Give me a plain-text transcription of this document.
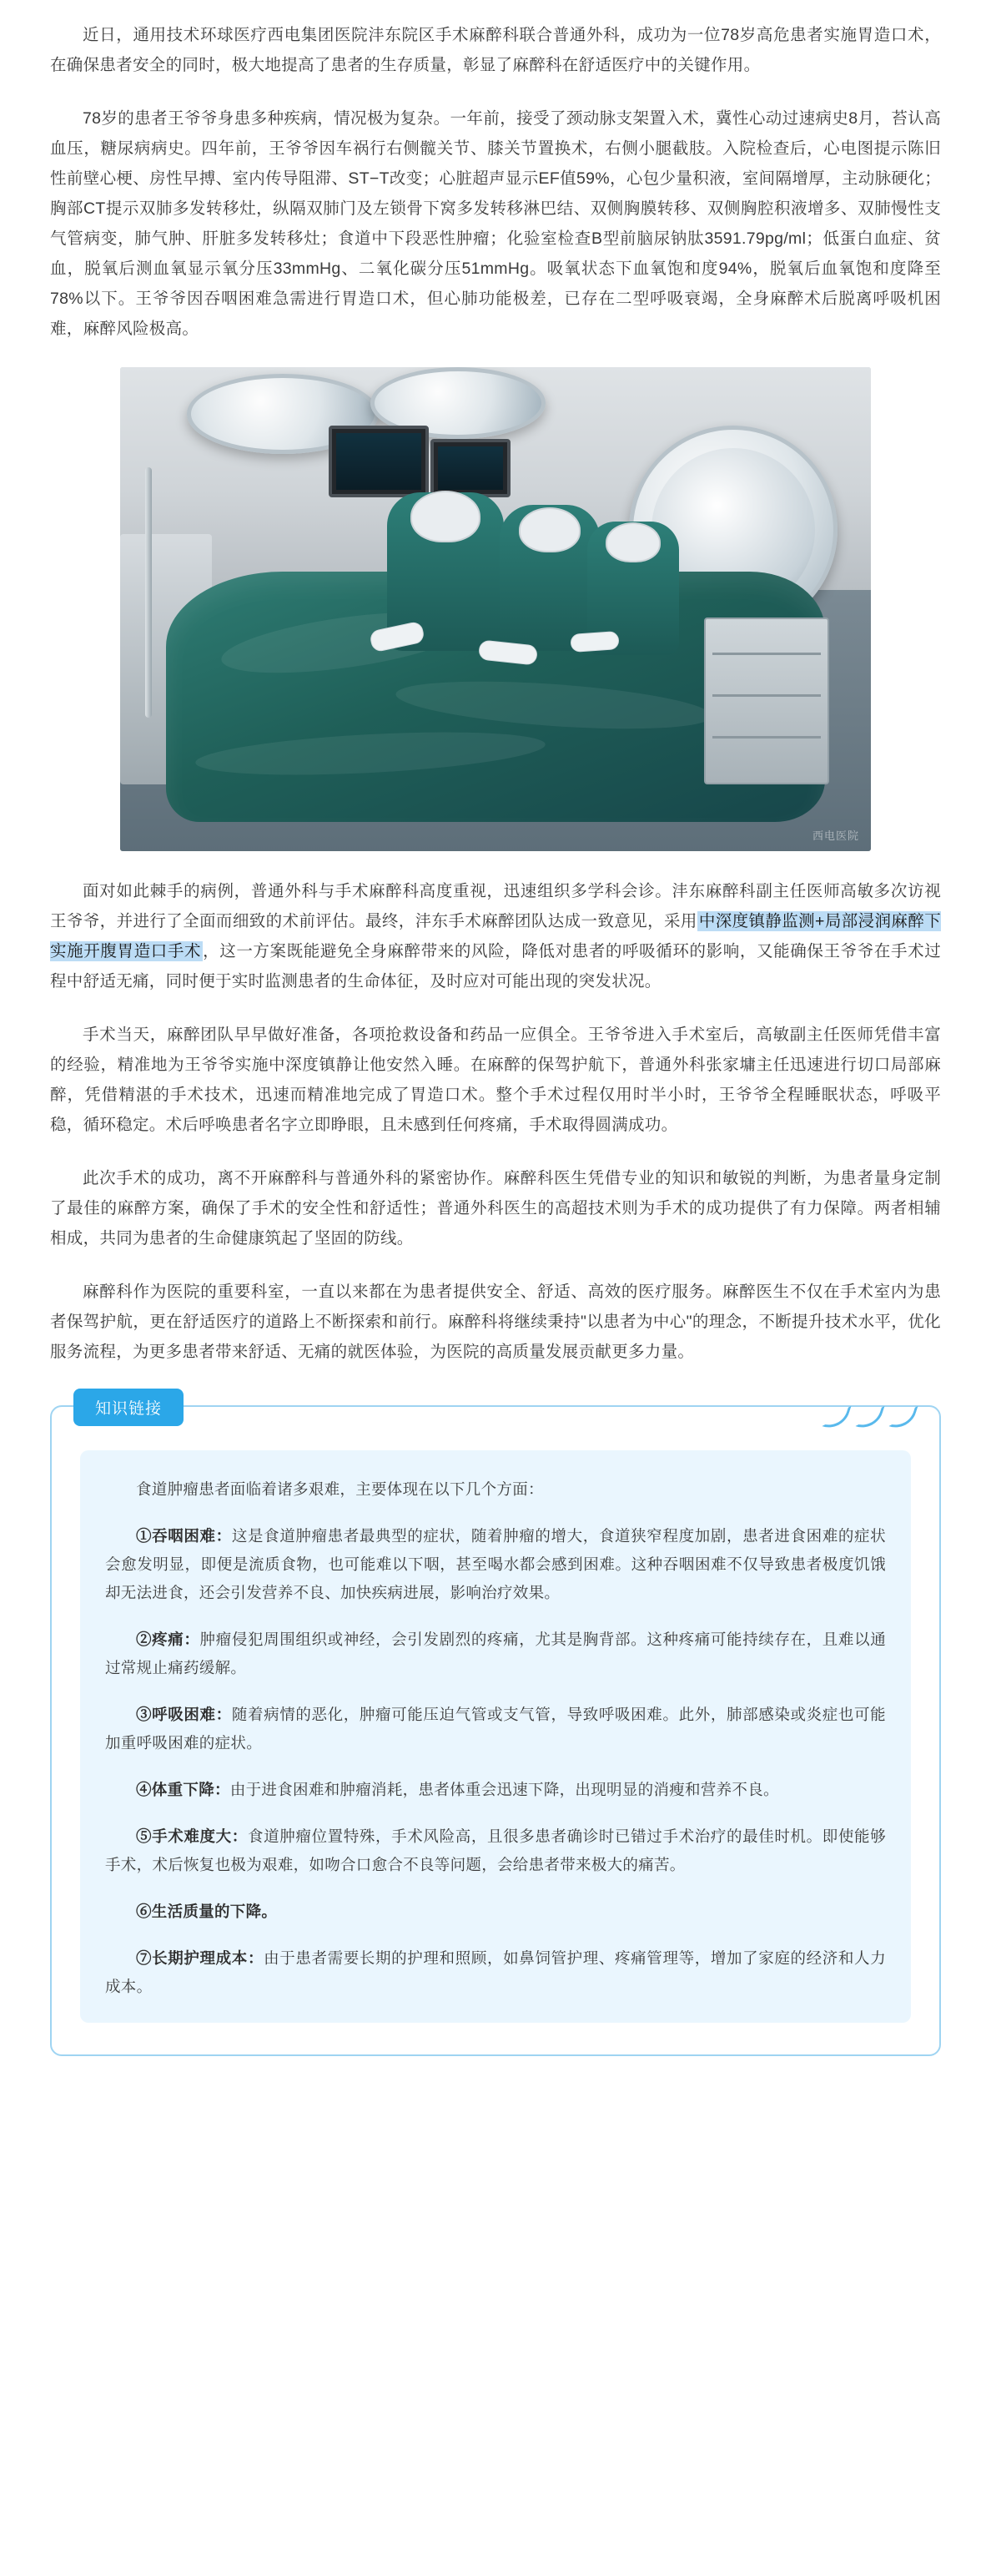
近日，通用技术环球医疗西电集团医院沣东院区手术麻醉科联合普通外科，成功为一位78岁高危患者实施胃造口术，在确保患者安全的同时，极大地提高了患者的生存质量，彰显了麻醉科在舒适医疗中的关键作用。

78岁的患者王爷爷身患多种疾病，情况极为复杂。一年前，接受了颈动脉支架置入术，冀性心动过速病史8月，苔认高血压，糖尿病病史。四年前，王爷爷因车祸行右侧髋关节、膝关节置换术，右侧小腿截肢。入院检查后，心电图提示陈旧性前壁心梗、房性早搏、室内传导阻滞、ST−T改变；心脏超声显示EF值59%，心包少量积液，室间隔增厚，主动脉硬化；胸部CT提示双肺多发转移灶，纵隔双肺门及左锁骨下窝多发转移淋巴结、双侧胸膜转移、双侧胸腔积液增多、双肺慢性支气管病变，肺气肿、肝脏多发转移灶；食道中下段恶性肿瘤；化验室检查B型前脑尿钠肽3591.79pg/ml；低蛋白血症、贫血，脱氧后测血氧显示氧分压33mmHg、二氧化碳分压51mmHg。吸氧状态下血氧饱和度94%，脱氧后血氧饱和度降至78%以下。王爷爷因吞咽困难急需进行胃造口术，但心肺功能极差，已存在二型呼吸衰竭，全身麻醉术后脱离呼吸机困难，麻醉风险极高。

西电医院

面对如此棘手的病例，普通外科与手术麻醉科高度重视，迅速组织多学科会诊。沣东麻醉科副主任医师高敏多次访视王爷爷，并进行了全面而细致的术前评估。最终，沣东手术麻醉团队达成一致意见，采用 中深度镇静监测+局部浸润麻醉下实施开腹胃造口手术 ，这一方案既能避免全身麻醉带来的风险，降低对患者的呼吸循环的影响，又能确保王爷爷在手术过程中舒适无痛，同时便于实时监测患者的生命体征，及时应对可能出现的突发状况。

手术当天，麻醉团队早早做好准备，各项抢救设备和药品一应俱全。王爷爷进入手术室后，高敏副主任医师凭借丰富的经验，精准地为王爷爷实施中深度镇静让他安然入睡。在麻醉的保驾护航下，普通外科张家墉主任迅速进行切口局部麻醉，凭借精湛的手术技术，迅速而精准地完成了胃造口术。整个手术过程仅用时半小时，王爷爷全程睡眠状态，呼吸平稳，循环稳定。术后呼唤患者名字立即睁眼，且未感到任何疼痛，手术取得圆满成功。

此次手术的成功，离不开麻醉科与普通外科的紧密协作。麻醉科医生凭借专业的知识和敏锐的判断，为患者量身定制了最佳的麻醉方案，确保了手术的安全性和舒适性；普通外科医生的高超技术则为手术的成功提供了有力保障。两者相辅相成，共同为患者的生命健康筑起了坚固的防线。

麻醉科作为医院的重要科室，一直以来都在为患者提供安全、舒适、高效的医疗服务。麻醉医生不仅在手术室内为患者保驾护航，更在舒适医疗的道路上不断探索和前行。麻醉科将继续秉持"以患者为中心"的理念，不断提升技术水平，优化服务流程，为更多患者带来舒适、无痛的就医体验，为医院的高质量发展贡献更多力量。

知识链接

食道肿瘤患者面临着诸多艰难，主要体现在以下几个方面：

①吞咽困难：这是食道肿瘤患者最典型的症状，随着肿瘤的增大，食道狭窄程度加剧，患者进食困难的症状会愈发明显，即便是流质食物，也可能难以下咽，甚至喝水都会感到困难。这种吞咽困难不仅导致患者极度饥饿却无法进食，还会引发营养不良、加快疾病进展，影响治疗效果。

②疼痛：肿瘤侵犯周围组织或神经，会引发剧烈的疼痛，尤其是胸背部。这种疼痛可能持续存在，且难以通过常规止痛药缓解。

③呼吸困难：随着病情的恶化，肿瘤可能压迫气管或支气管，导致呼吸困难。此外，肺部感染或炎症也可能加重呼吸困难的症状。

④体重下降：由于进食困难和肿瘤消耗，患者体重会迅速下降，出现明显的消瘦和营养不良。

⑤手术难度大：食道肿瘤位置特殊，手术风险高，且很多患者确诊时已错过手术治疗的最佳时机。即使能够手术，术后恢复也极为艰难，如吻合口愈合不良等问题，会给患者带来极大的痛苦。

⑥生活质量的下降。

⑦长期护理成本：由于患者需要长期的护理和照顾，如鼻饲管护理、疼痛管理等，增加了家庭的经济和人力成本。
